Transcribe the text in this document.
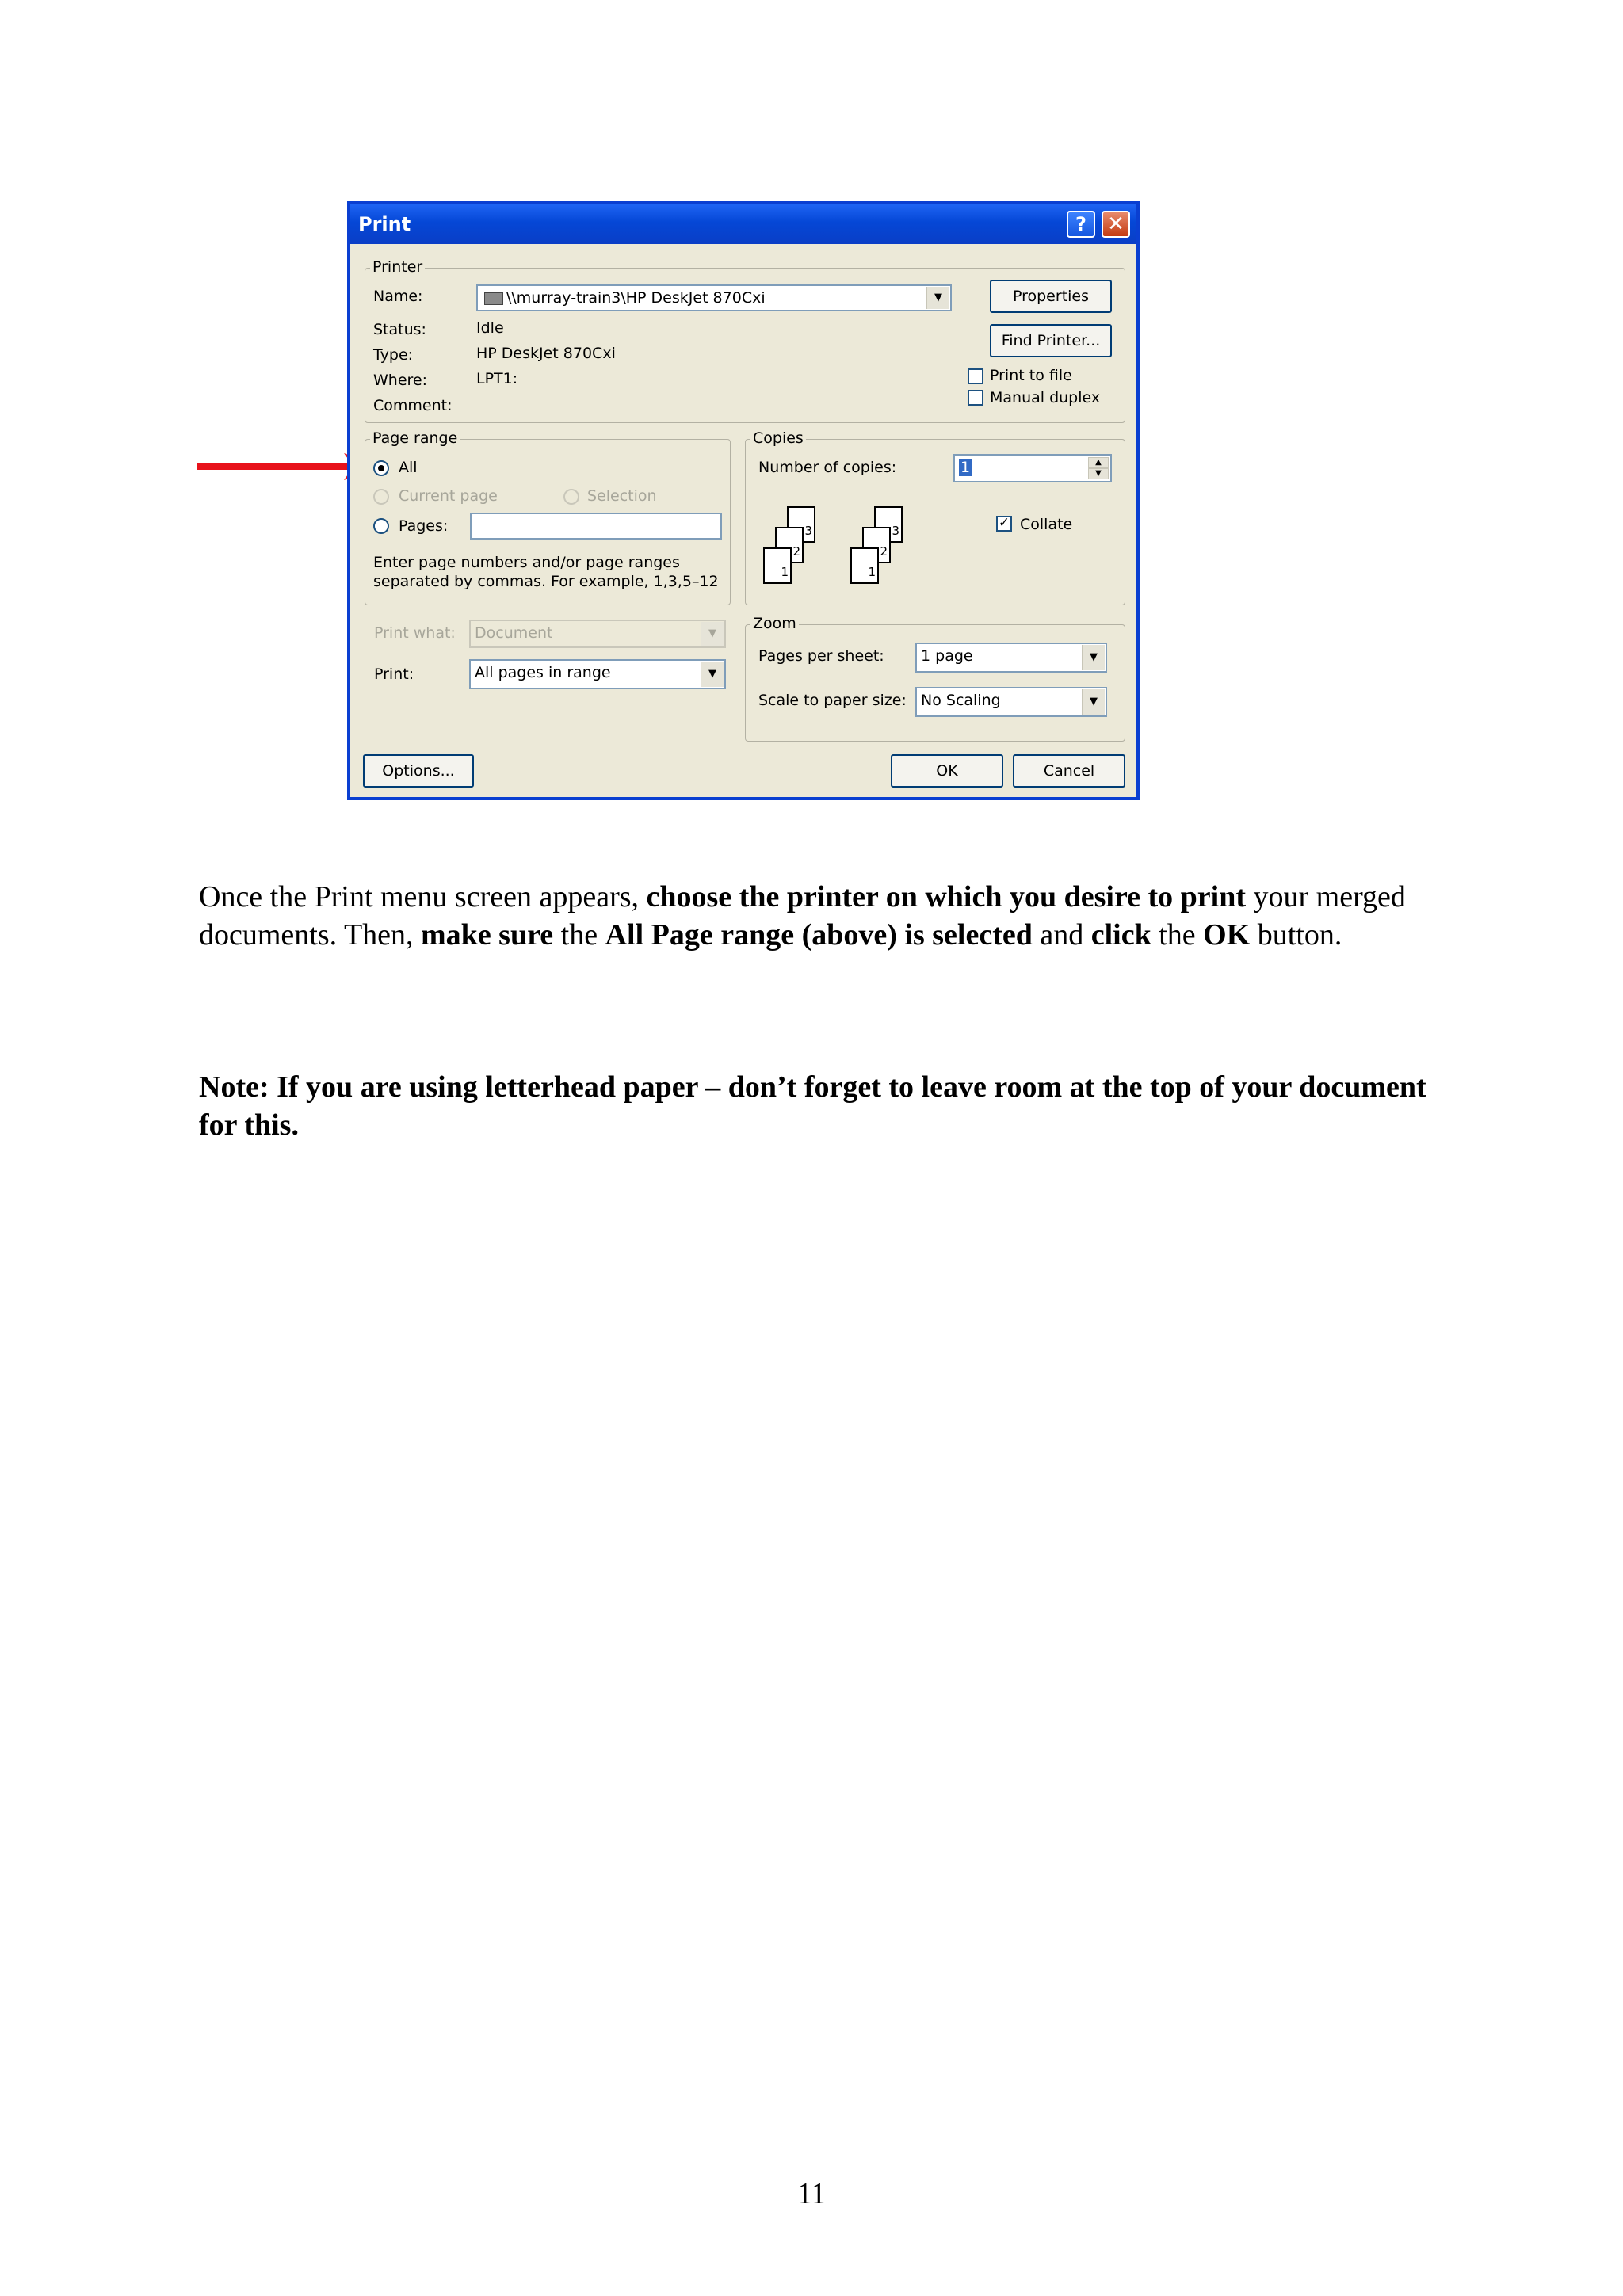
Print	?	✕
Printer
Name:	\\murray-train3\HP DeskJet 870Cxi	▼	Properties
Find Printer...
Status:	Idle
Type:	HP DeskJet 870Cxi
Where:	LPT1:
Comment:
Print to file
Manual duplex
Page range
All
Current page	Selection
Pages:
Enter page numbers and/or page ranges
separated by commas. For example, 1,3,5–12
Copies
Number of copies:	1	▲
▼
3
2
1
3
2
1
✓ Collate
Print what:	Document	▼
Print:	All pages in range	▼
Zoom
Pages per sheet:	1 page	▼
Scale to paper size: No Scaling	▼
Options...	OK	Cancel
Once the Print menu screen appears, choose the printer on which you desire to print your merged documents. Then, make sure the All Page range (above) is selected and click the OK button.
Note: If you are using letterhead paper – don’t forget to leave room at the top of your document for this.
11
